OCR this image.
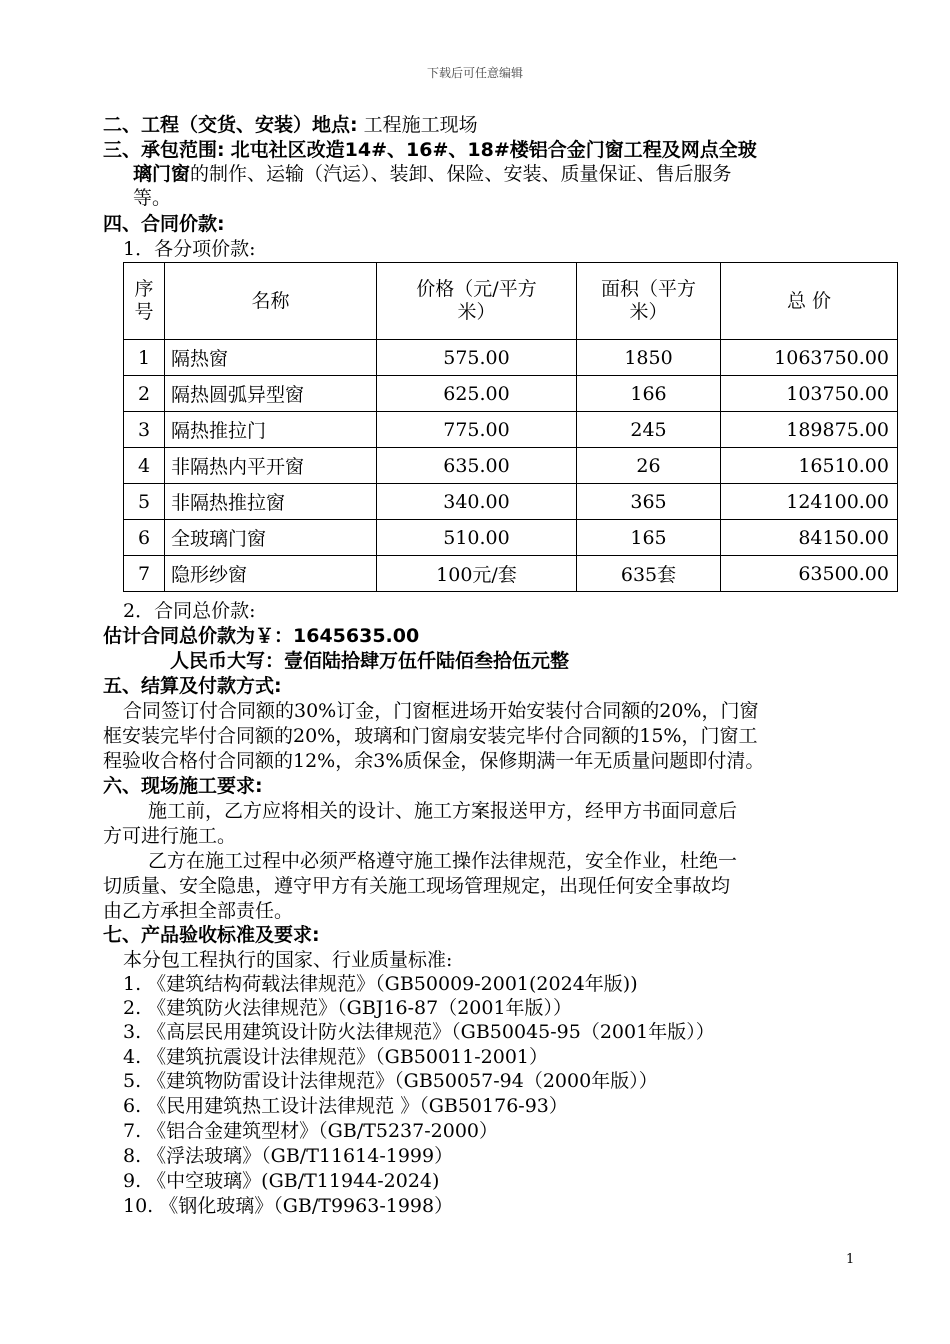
下载后可任意编辑
二、工程（交货、安装）地点: 工程施工现场
三、承包范围: 北屯社区改造14#、16#、18#楼铝合金门窗工程及网点全玻
璃门窗的制作、运输（汽运）、装卸、保险、安装、质量保证、售后服务
等。
四、合同价款:
1．各分项价款:
序号	名称	价格（元/平方米）	面积（平方米）	总 价
1	隔热窗	575.00	1850	1063750.00
2	隔热圆弧异型窗	625.00	166	103750.00
3	隔热推拉门	775.00	245	189875.00
4	非隔热内平开窗	635.00	26	16510.00
5	非隔热推拉窗	340.00	365	124100.00
6	全玻璃门窗	510.00	165	84150.00
7	隐形纱窗	100元/套	635套	63500.00
2．合同总价款:
估计合同总价款为￥：1645635.00
人民币大写：壹佰陆拾肆万伍仟陆佰叁拾伍元整
五、结算及付款方式:
合同签订付合同额的30%订金，门窗框进场开始安装付合同额的20%，门窗
框安装完毕付合同额的20%，玻璃和门窗扇安装完毕付合同额的15%，门窗工
程验收合格付合同额的12%，余3%质保金，保修期满一年无质量问题即付清。
六、现场施工要求:
施工前，乙方应将相关的设计、施工方案报送甲方，经甲方书面同意后
方可进行施工。
乙方在施工过程中必须严格遵守施工操作法律规范，安全作业，杜绝一
切质量、安全隐患，遵守甲方有关施工现场管理规定，出现任何安全事故均
由乙方承担全部责任。
七、产品验收标准及要求:
本分包工程执行的国家、行业质量标准:
1. 《建筑结构荷载法律规范》（GB50009-2001(2024年版))
2. 《建筑防火法律规范》（GBJ16-87（2001年版））
3. 《高层民用建筑设计防火法律规范》（GB50045-95（2001年版））
4. 《建筑抗震设计法律规范》（GB50011-2001）
5. 《建筑物防雷设计法律规范》（GB50057-94（2000年版））
6. 《民用建筑热工设计法律规范 》（GB50176-93）
7. 《铝合金建筑型材》（GB/T5237-2000）
8. 《浮法玻璃》（GB/T11614-1999）
9. 《中空玻璃》(GB/T11944-2024)
10. 《钢化玻璃》（GB/T9963-1998）
1
